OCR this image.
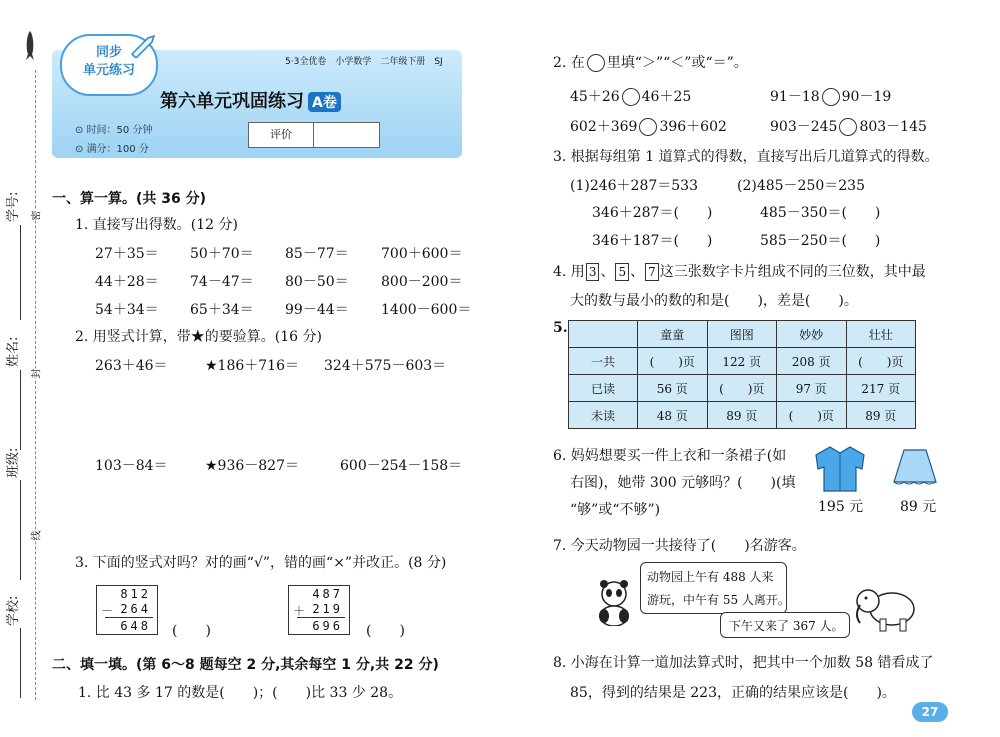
学号:
姓名:
班级:
学校:
密
封
线
同步
单元练习
5·3全优卷　小学数学　二年级下册　SJ
第六单元巩固练习 A卷
⊙ 时间：50 分钟
⊙ 满分：100 分
评价
一、算一算。(共 36 分)
1. 直接写出得数。(12 分)
27＋35＝ 50＋70＝ 85－77＝ 700＋600＝
44＋28＝ 74－47＝ 80－50＝ 800－200＝
54＋34＝ 65＋34＝ 99－44＝ 1400－600＝
2. 用竖式计算，带★的要验算。(16 分)
263＋46＝	★186＋716＝ 324＋575－603＝
103－84＝	★936－827＝	600－254－158＝
3. 下面的竖式对吗？对的画“√”，错的画“×”并改正。(8 分)
812
－ 264
648 (　　)
487
＋ 219
696 (　　)
二、填一填。(第 6～8 题每空 2 分,其余每空 1 分,共 22 分)
1. 比 43 多 17 的数是(　　)；(　　)比 33 少 28。
2. 在 里填“＞”“＜”或“＝”。
45＋26 46＋25	91－18 90－19
602＋369 396＋602	903－245 803－145
3. 根据每组第 1 道算式的得数，直接写出后几道算式的得数。
(1)246＋287＝533
346＋287＝(　　)
346＋187＝(　　)
(2)485－250＝235
485－350＝(　　)
585－250＝(　　)
4. 用 3 、 5 、 7 这三张数字卡片组成不同的三位数，其中最
大的数与最小的数的和是(　　)，差是(　　)。
5.
		童童	图图	妙妙	壮壮
一共	(　　)页	122 页	208 页	(　　)页
已读	56 页	(　　)页	97 页	217 页
未读	48 页	89 页	(　　)页	89 页
6. 妈妈想要买一件上衣和一条裙子(如
右图)，她带 300 元够吗？(　　)(填
“够”或“不够”)	195 元	89 元
7. 今天动物园一共接待了(　　)名游客。
动物园上午有 488 人来
游玩，中午有 55 人离开。
下午又来了 367 人。
8. 小海在计算一道加法算式时，把其中一个加数 58 错看成了
85，得到的结果是 223，正确的结果应该是(　　)。
27
